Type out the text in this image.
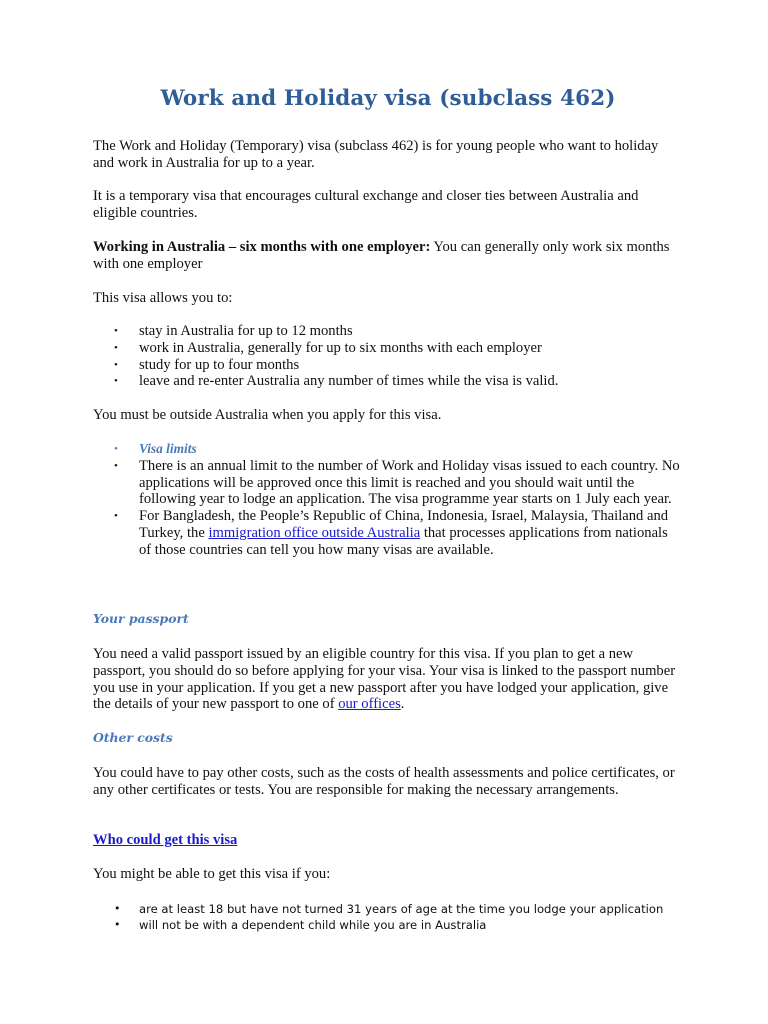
Work and Holiday visa (subclass 462)

The Work and Holiday (Temporary) visa (subclass 462) is for young people who want to holiday and work in Australia for up to a year.

It is a temporary visa that encourages cultural exchange and closer ties between Australia and eligible countries.

Working in Australia – six months with one employer: You can generally only work six months with one employer

This visa allows you to:

• stay in Australia for up to 12 months
• work in Australia, generally for up to six months with each employer
• study for up to four months
• leave and re-enter Australia any number of times while the visa is valid.

You must be outside Australia when you apply for this visa.

• Visa limits
• There is an annual limit to the number of Work and Holiday visas issued to each country. No applications will be approved once this limit is reached and you should wait until the following year to lodge an application. The visa programme year starts on 1 July each year.
• For Bangladesh, the People’s Republic of China, Indonesia, Israel, Malaysia, Thailand and Turkey, the immigration office outside Australia that processes applications from nationals of those countries can tell you how many visas are available.

Your passport

You need a valid passport issued by an eligible country for this visa. If you plan to get a new passport, you should do so before applying for your visa. Your visa is linked to the passport number you use in your application. If you get a new passport after you have lodged your application, give the details of your new passport to one of our offices.

Other costs

You could have to pay other costs, such as the costs of health assessments and police certificates, or any other certificates or tests. You are responsible for making the necessary arrangements.

Who could get this visa

You might be able to get this visa if you:

• are at least 18 but have not turned 31 years of age at the time you lodge your application
• will not be with a dependent child while you are in Australia
